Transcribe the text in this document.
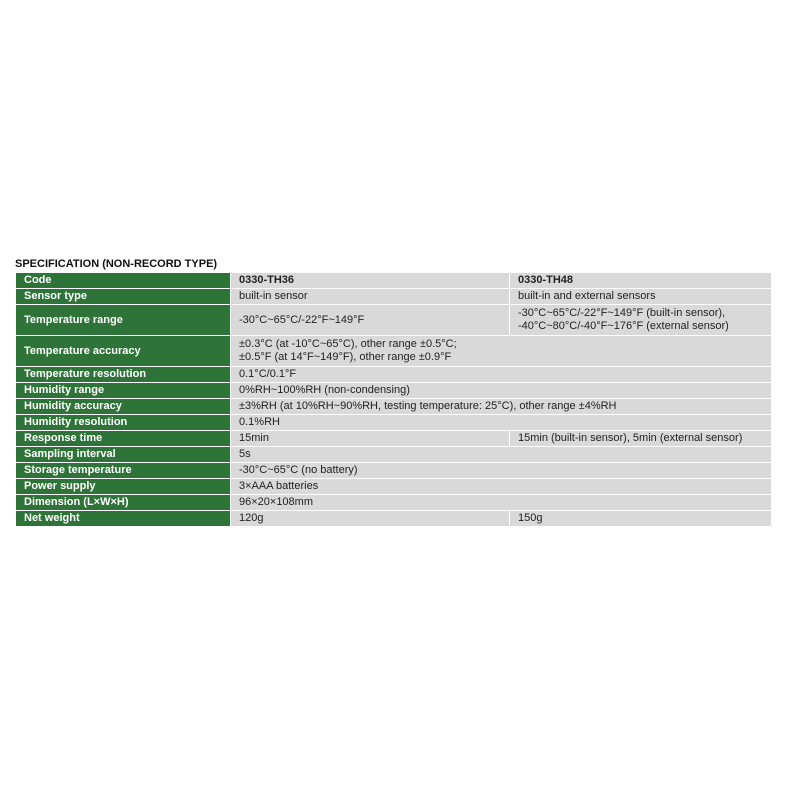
SPECIFICATION (NON-RECORD TYPE)
Code	0330-TH36	0330-TH48
Sensor type	built-in sensor	built-in and external sensors
Temperature range	-30°C~65°C/-22°F~149°F	-30°C~65°C/-22°F~149°F (built-in sensor),
-40°C~80°C/-40°F~176°F (external sensor)

Temperature accuracy	±0.3°C (at -10°C~65°C), other range ±0.5°C;
±0.5°F (at 14°F~149°F), other range ±0.9°F	

Temperature resolution	0.1°C/0.1°F	
Humidity range	0%RH~100%RH (non-condensing)	
Humidity accuracy	±3%RH (at 10%RH~90%RH, testing temperature: 25°C), other range ±4%RH	
Humidity resolution	0.1%RH	
Response time	15min	15min (built-in sensor), 5min (external sensor)
Sampling interval	5s	
Storage temperature	-30°C~65°C (no battery)	
Power supply	3×AAA batteries	
Dimension (L×W×H)	96×20×108mm	
Net weight	120g	150g
